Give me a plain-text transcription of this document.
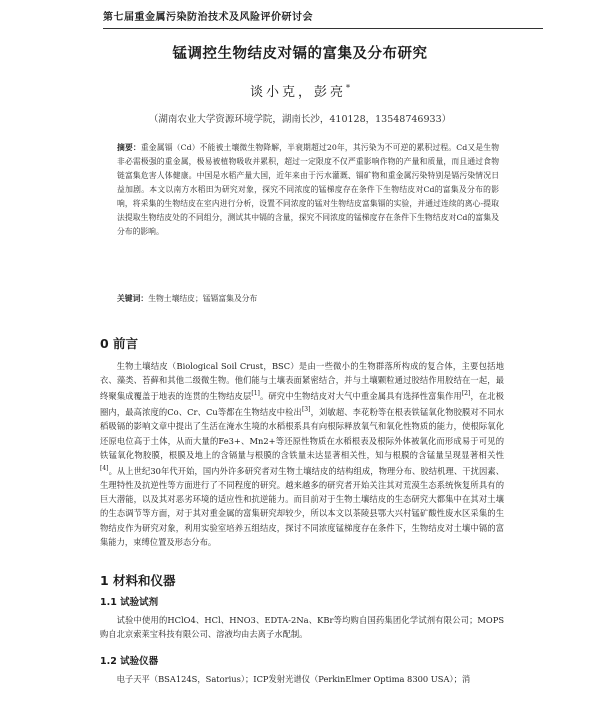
第七届重金属污染防治技术及风险评价研讨会
锰调控生物结皮对镉的富集及分布研究
谈小克，彭亮*
（湖南农业大学资源环境学院，湖南长沙，410128，13548746933）
摘要：重金属镉（Cd）不能被土壤微生物降解，半衰期超过20年，其污染为不可逆的累积过程。Cd又是生物非必需极强的重金属，极易被植物吸收并累积，超过一定限度不仅严重影响作物的产量和质量，而且通过食物链富集危害人体健康。中国是水稻产量大国，近年来由于污水灌溉、镉矿物和重金属污染特别是镉污染情况日益加剧。本文以南方水稻田为研究对象，探究不同浓度的锰梯度存在条件下生物结皮对Cd的富集及分布的影响，将采集的生物结皮在室内进行分析，设置不同浓度的锰对生物结皮富集镉的实验，并通过连续的离心-提取法提取生物结皮处的不同组分，测试其中镉的含量，探究不同浓度的锰梯度存在条件下生物结皮对Cd的富集及分布的影响。
关键词：生物土壤结皮；锰镉富集及分布
0 前言
生物土壤结皮（Biological Soil Crust，BSC）是由一些微小的生物群落所构成的复合体，主要包括地衣、藻类、苔藓和其他二级微生物。他们能与土壤表面紧密结合，并与土壤颗粒通过胶结作用胶结在一起，最终聚集成覆盖于地表的连贯的生物结皮层[1]。研究中生物结皮对大气中重金属具有选择性富集作用[2]，在北极圈内，最高浓度的Co、Cr、Cu等都在生物结皮中检出[3]，刘敏超、李花粉等在根表铁锰氧化物胶膜对不同水稻吸镉的影响文章中提出了生活在淹水生境的水稻根系具有向根际释放氧气和氧化性物质的能力，使根际氧化还原电位高于土体，从而大量的Fe3+、Mn2+等还原性物质在水稻根表及根际外体被氧化而形成易于可见的铁锰氧化物胶膜，根膜及地上的含镉量与根膜的含铁量未达显著相关性，知与根膜的含锰量呈现显著相关性[4]。从上世纪30年代开始，国内外许多研究者对生物土壤结皮的结构组成，物理分布、胶结机理、干扰因素、生理特性及抗逆性等方面进行了不同程度的研究。越来越多的研究者开始关注其对荒漠生态系统恢复所具有的巨大潜能，以及其对恶劣环境的适应性和抗逆能力。而目前对于生物土壤结皮的生态研究大都集中在其对土壤的生态调节等方面，对于其对重金属的富集研究却较少，所以本文以茶陵县鄂大兴村锰矿酸性废水区采集的生物结皮作为研究对象，利用实验室培养五组结皮，探讨不同浓度锰梯度存在条件下，生物结皮对土壤中镉的富集能力，束缚位置及形态分布。
1 材料和仪器
1.1 试验试剂
试验中使用的HClO4、HCl、HNO3、EDTA-2Na、KBr等均购自国药集团化学试剂有限公司；MOPS购自北京索莱宝科技有限公司、溶液均由去离子水配制。
1.2 试验仪器
电子天平（BSA124S，Satorius）；ICP发射光谱仪（PerkinElmer Optima 8300 USA）；消
